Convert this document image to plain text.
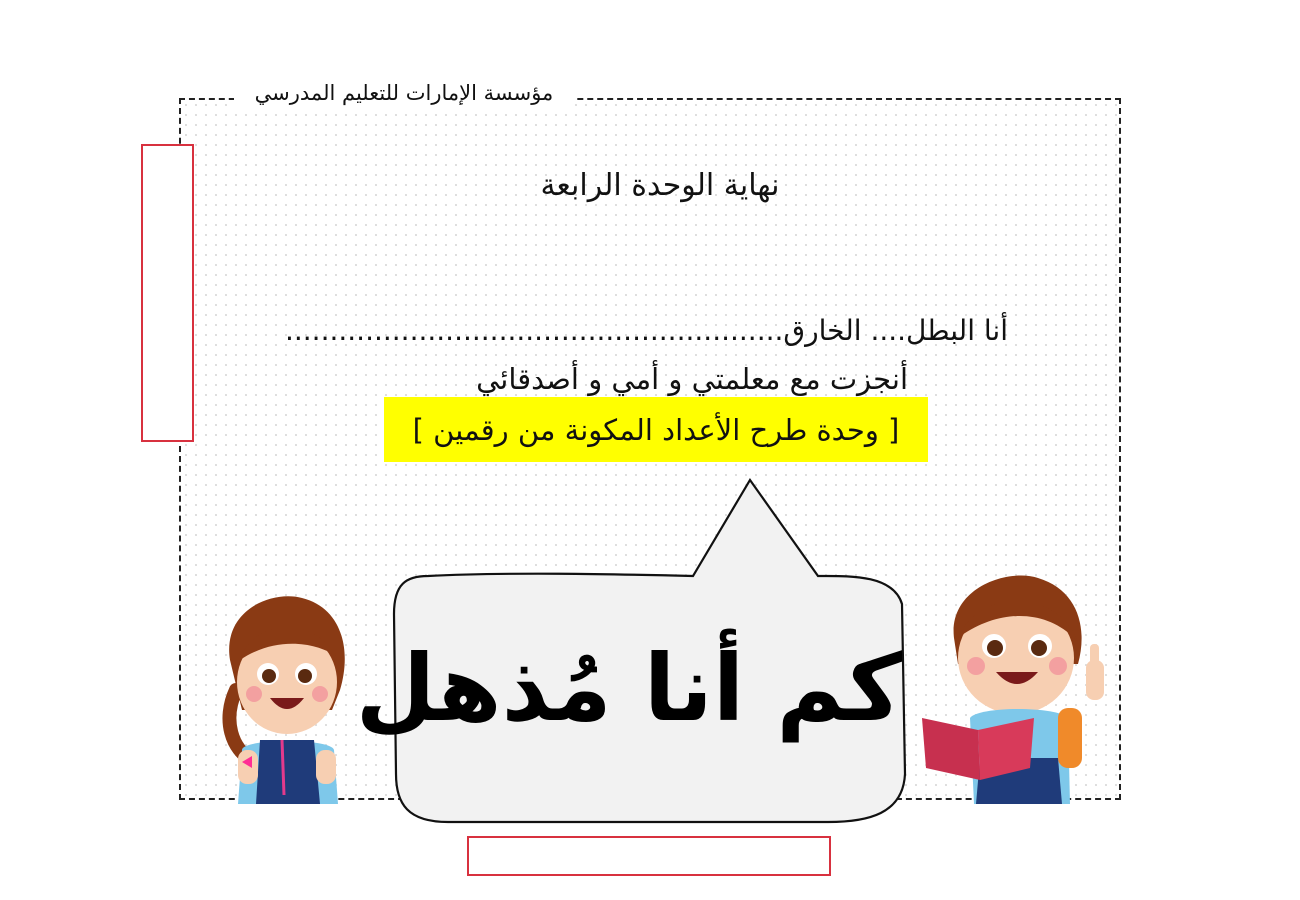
مؤسسة الإمارات للتعليم المدرسي
نهاية الوحدة الرابعة
أنا البطل.... الخارق........................................................
أنجزت مع معلمتي و أمي و أصدقائي
[ وحدة طرح الأعداد المكونة من رقمين ]
كم أنا مُذهل
